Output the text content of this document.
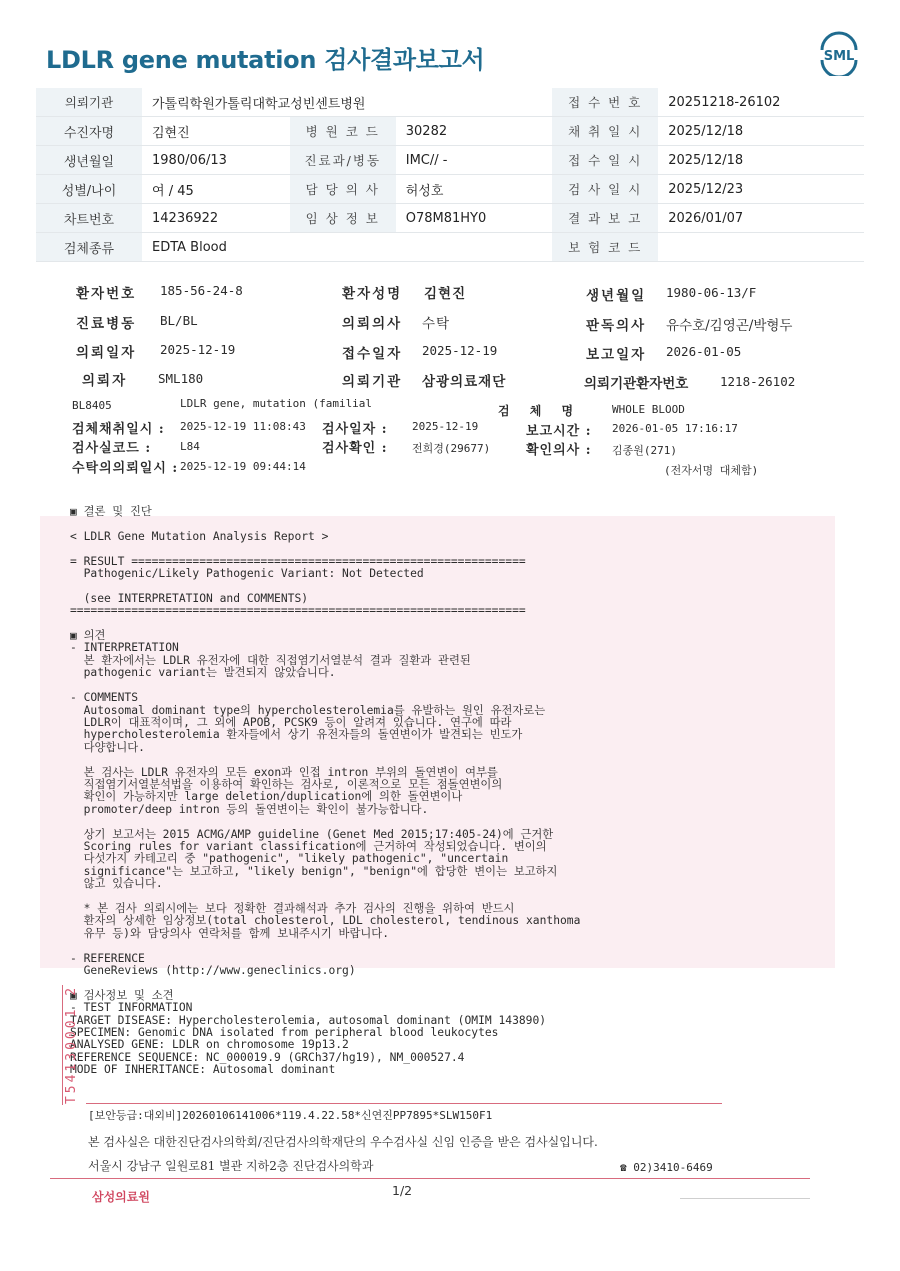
LDLR gene mutation 검사결과보고서	SML
의뢰기관	가톨릭학원가톨릭대학교성빈센트병원			접 수 번 호	20251218-26102
수진자명	김현진	병 원 코 드	30282	채 취 일 시	2025/12/18
생년월일	1980/06/13	진료과/병동	IMC// -	접 수 일 시	2025/12/18
성별/나이	여 / 45	담 당 의 사	허성호	검 사 일 시	2025/12/23
차트번호	14236922	임 상 정 보	O78M81HY0	결 과 보 고	2026/01/07
검체종류	EDTA Blood			보 험 코 드	
환자번호 185-56-24-8	환자성명 김현진	생년월일 1980-06-13/F
진료병동 BL/BL	의뢰의사 수탁	판독의사 유수호/김영곤/박형두
의뢰일자 2025-12-19	접수일자 2025-12-19	보고일자 2026-01-05
의뢰자 SML180	의뢰기관 삼광의료재단	의뢰기관환자번호	1218-26102
BL8405	LDLR gene, mutation (familial
검 체 명	WHOLE BLOOD
검체채취일시 : 2025-12-19 11:08:43 검사일자 : 2025-12-19	보고시간 : 2026-01-05 17:16:17
검사실코드 :	L84	검사확인 : 전희경(29677)	확인의사 : 김종원(271)
수탁의의뢰일시 : 2025-12-19 09:44:14	(전자서명 대체함)
▣ 결론 및 진단

< LDLR Gene Mutation Analysis Report >

= RESULT ==========================================================
Pathogenic/Likely Pathogenic Variant: Not Detected

(see INTERPRETATION and COMMENTS)
===================================================================

▣ 의견
- INTERPRETATION
본 환자에서는 LDLR 유전자에 대한 직접염기서열분석 결과 질환과 관련된
pathogenic variant는 발견되지 않았습니다.

- COMMENTS
Autosomal dominant type의 hypercholesterolemia를 유발하는 원인 유전자로는
LDLR이 대표적이며, 그 외에 APOB, PCSK9 등이 알려져 있습니다. 연구에 따라
hypercholesterolemia 환자들에서 상기 유전자들의 돌연변이가 발견되는 빈도가
다양합니다.

본 검사는 LDLR 유전자의 모든 exon과 인접 intron 부위의 돌연변이 여부를
직접염기서열분석법을 이용하여 확인하는 검사로, 이론적으로 모든 점돌연변이의
확인이 가능하지만 large deletion/duplication에 의한 돌연변이나
promoter/deep intron 등의 돌연변이는 확인이 불가능합니다.

상기 보고서는 2015 ACMG/AMP guideline (Genet Med 2015;17:405-24)에 근거한
Scoring rules for variant classification에 근거하여 작성되었습니다. 변이의
다섯가지 카테고리 중 "pathogenic", "likely pathogenic", "uncertain
significance"는 보고하고, "likely benign", "benign"에 합당한 변이는 보고하지
않고 있습니다.

* 본 검사 의뢰시에는 보다 정확한 결과해석과 추가 검사의 진행을 위하여 반드시
환자의 상세한 임상정보(total cholesterol, LDL cholesterol, tendinous xanthoma
유무 등)와 담당의사 연락처를 함께 보내주시기 바랍니다.

- REFERENCE
GeneReviews (http://www.geneclinics.org)

▣ 검사정보 및 소견
- TEST INFORMATION
TARGET DISEASE: Hypercholesterolemia, autosomal dominant (OMIM 143890)
SPECIMEN: Genomic DNA isolated from peripheral blood leukocytes
ANALYSED GENE: LDLR on chromosome 19p13.2
REFERENCE SEQUENCE: NC_000019.9 (GRCh37/hg19), NM_000527.4
MODE OF INHERITANCE: Autosomal dominant
T54130001 2
[보안등급:대외비]20260106141006*119.4.22.58*신연진PP7895*SLW150F1
본 검사실은 대한진단검사의학회/진단검사의학재단의 우수검사실 신임 인증을 받은 검사실입니다.
서울시 강남구 일원로81 별관 지하2층 진단검사의학과	☎ 02)3410-6469
삼성의료원	1/2
